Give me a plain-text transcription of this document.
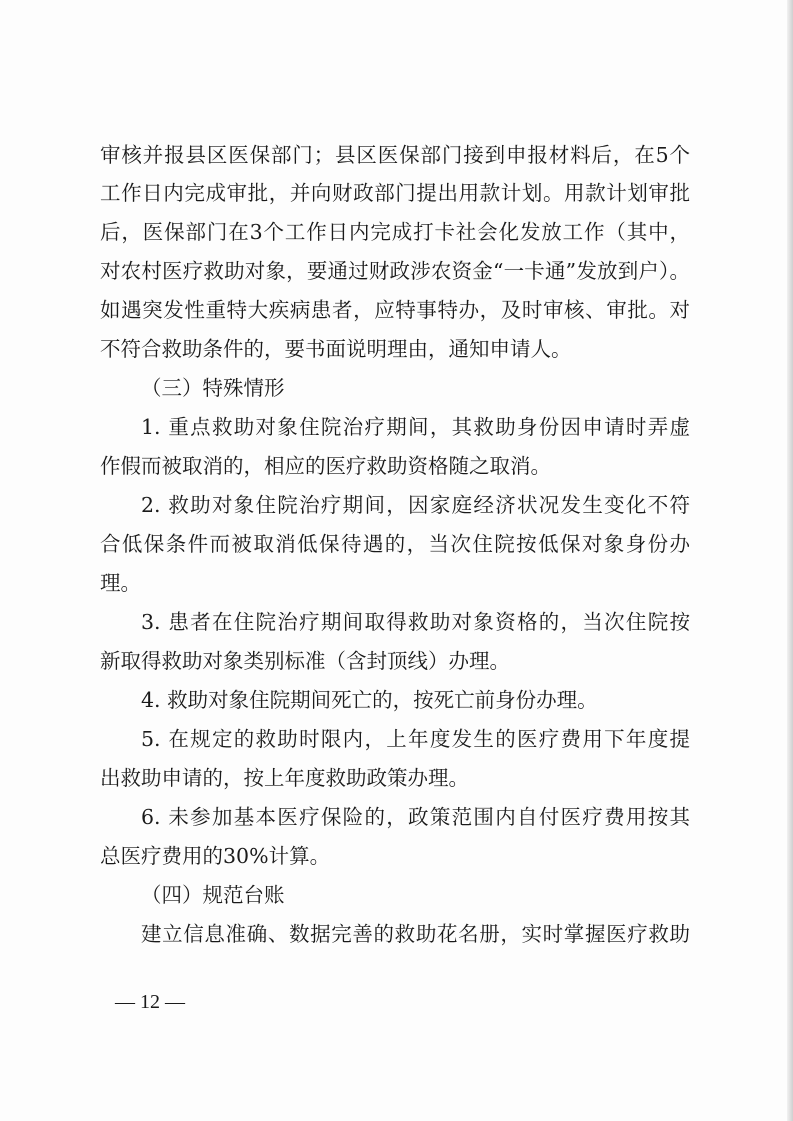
审核并报县区医保部门；县区医保部门接到申报材料后，在5个
工作日内完成审批，并向财政部门提出用款计划。用款计划审批
后，医保部门在3个工作日内完成打卡社会化发放工作（其中，
对农村医疗救助对象，要通过财政涉农资金“一卡通”发放到户）。
如遇突发性重特大疾病患者，应特事特办，及时审核、审批。对
不符合救助条件的，要书面说明理由，通知申请人。
（三）特殊情形
1. 重点救助对象住院治疗期间，其救助身份因申请时弄虚
作假而被取消的，相应的医疗救助资格随之取消。
2. 救助对象住院治疗期间，因家庭经济状况发生变化不符
合低保条件而被取消低保待遇的，当次住院按低保对象身份办
理。
3. 患者在住院治疗期间取得救助对象资格的，当次住院按
新取得救助对象类别标准（含封顶线）办理。
4. 救助对象住院期间死亡的，按死亡前身份办理。
5. 在规定的救助时限内，上年度发生的医疗费用下年度提
出救助申请的，按上年度救助政策办理。
6. 未参加基本医疗保险的，政策范围内自付医疗费用按其
总医疗费用的30%计算。
（四）规范台账
建立信息准确、数据完善的救助花名册，实时掌握医疗救助
— 12 —
